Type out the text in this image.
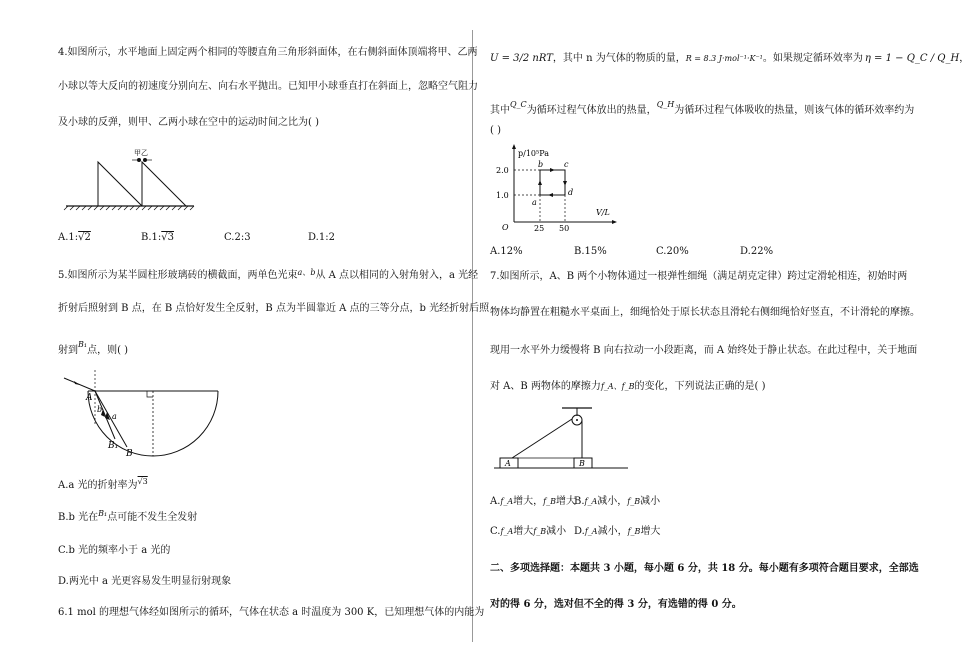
4.如图所示，水平地面上固定两个相同的等腰直角三角形斜面体，在右侧斜面体顶端将甲、乙两
小球以等大反向的初速度分别向左、向右水平抛出。已知甲小球垂直打在斜面上，忽略空气阻力
及小球的反弹，则甲、乙两小球在空中的运动时间之比为( )
甲乙
A.1:√2	B.1:√3	C.2:3	D.1:2
5.如图所示为某半圆柱形玻璃砖的横截面，两单色光束$^{a、b}$从 A 点以相同的入射角射入，a 光经
折射后照射到 B 点，在 B 点恰好发生全反射，B 点为半圆靠近 A 点的三等分点，b 光经折射后照
射到$^{B_1}$点，则( )
A
a
b
B₁
B
A.a 光的折射率为$^{√3}$
B.b 光在$^{B_1}$点可能不发生全发射
C.b 光的频率小于 a 光的
D.两光中 a 光更容易发生明显衍射现象
6.1 mol 的理想气体经如图所示的循环，气体在状态 a 时温度为 300 K，已知理想气体的内能为
U = 3/2 nRT，其中 n 为气体的物质的量，R = 8.3 J·mol⁻¹·K⁻¹。如果规定循环效率为 η = 1 − Q_C / Q_H，
其中$^{Q\_C}$为循环过程气体放出的热量，$^{Q\_H}$为循环过程气体吸收的热量，则该气体的循环效率约为
( )
p/10⁵Pa
V/L
2.0
1.0
O	25 50
a
b	c
d
A.12%	B.15%	C.20%	D.22%
7.如图所示，A、B 两个小物体通过一根弹性细绳（满足胡克定律）跨过定滑轮相连，初始时两
物体均静置在粗糙水平桌面上，细绳恰处于原长状态且滑轮右侧细绳恰好竖直，不计滑轮的摩擦。
现用一水平外力缓慢将 B 向右拉动一小段距离，而 A 始终处于静止状态。在此过程中，关于地面
对 A、B 两物体的摩擦力f_A、f_B的变化，下列说法正确的是( )
A	B
A.f_A增大，f_B增大
B.f_A减小，f_B减小
C.f_A增大f_B减小 D.f_A减小，f_B增大
二、多项选择题：本题共 3 小题，每小题 6 分，共 18 分。每小题有多项符合题目要求，全部选
对的得 6 分，选对但不全的得 3 分，有选错的得 0 分。
